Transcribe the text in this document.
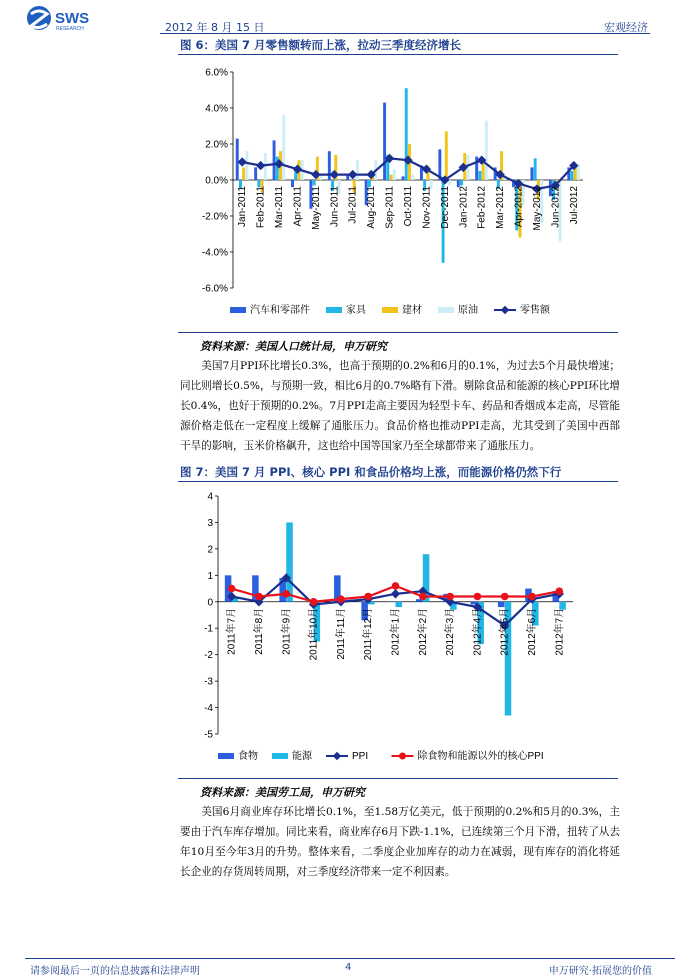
SWS
RESEARCH	2012 年 8 月 15 日	宏观经济
图 6：美国 7 月零售额转而上涨，拉动三季度经济增长
6.0%
4.0%
2.0%
0.0%
-2.0%
-4.0%
-6.0%
Jan-2011 Feb-2011 Mar-2011 Apr-2011 May-2011 Jun-2011 Jul-2011 Aug-2011 Sep-2011 Oct-2011 Nov-2011 Dec-2011 Jan-2012 Feb-2012 Mar-2012 Apr-2012 May-2012 Jun-2012 Jul-2012
汽车和零部件	家具	建材	原油	零售额
资料来源：美国人口统计局，申万研究
美国7月PPI环比增长0.3%，也高于预期的0.2%和6月的0.1%，为过去5个月最快增速；同比则增长0.5%，与预期一致，相比6月的0.7%略有下滑。剔除食品和能源的核心PPI环比增长0.4%，也好于预期的0.2%。7月PPI走高主要因为轻型卡车、药品和香烟成本走高，尽管能源价格走低在一定程度上缓解了通胀压力。食品价格也推动PPI走高，尤其受到了美国中西部干旱的影响，玉米价格飙升，这也给中国等国家乃至全球都带来了通胀压力。
图 7：美国 7 月 PPI、核心 PPI 和食品价格均上涨，而能源价格仍然下行
4
3
2
1
0
-1
-2
-3
-4
-5
2011年7月 2011年8月 2011年9月 2011年10月 2011年11月 2011年12月 2012年1月 2012年2月 2012年3月 2012年4月 2012年5月 2012年6月 2012年7月
食物	能源	PPI	除食物和能源以外的核心PPI
资料来源：美国劳工局，申万研究
美国6月商业库存环比增长0.1%，至1.58万亿美元，低于预期的0.2%和5月的0.3%，主要由于汽车库存增加。同比来看，商业库存6月下跌-1.1%，已连续第三个月下滑，扭转了从去年10月至今年3月的升势。整体来看，二季度企业加库存的动力在减弱，现有库存的消化将延长企业的存货周转周期，对三季度经济带来一定不利因素。
请参阅最后一页的信息披露和法律声明	4	申万研究·拓展您的价值
